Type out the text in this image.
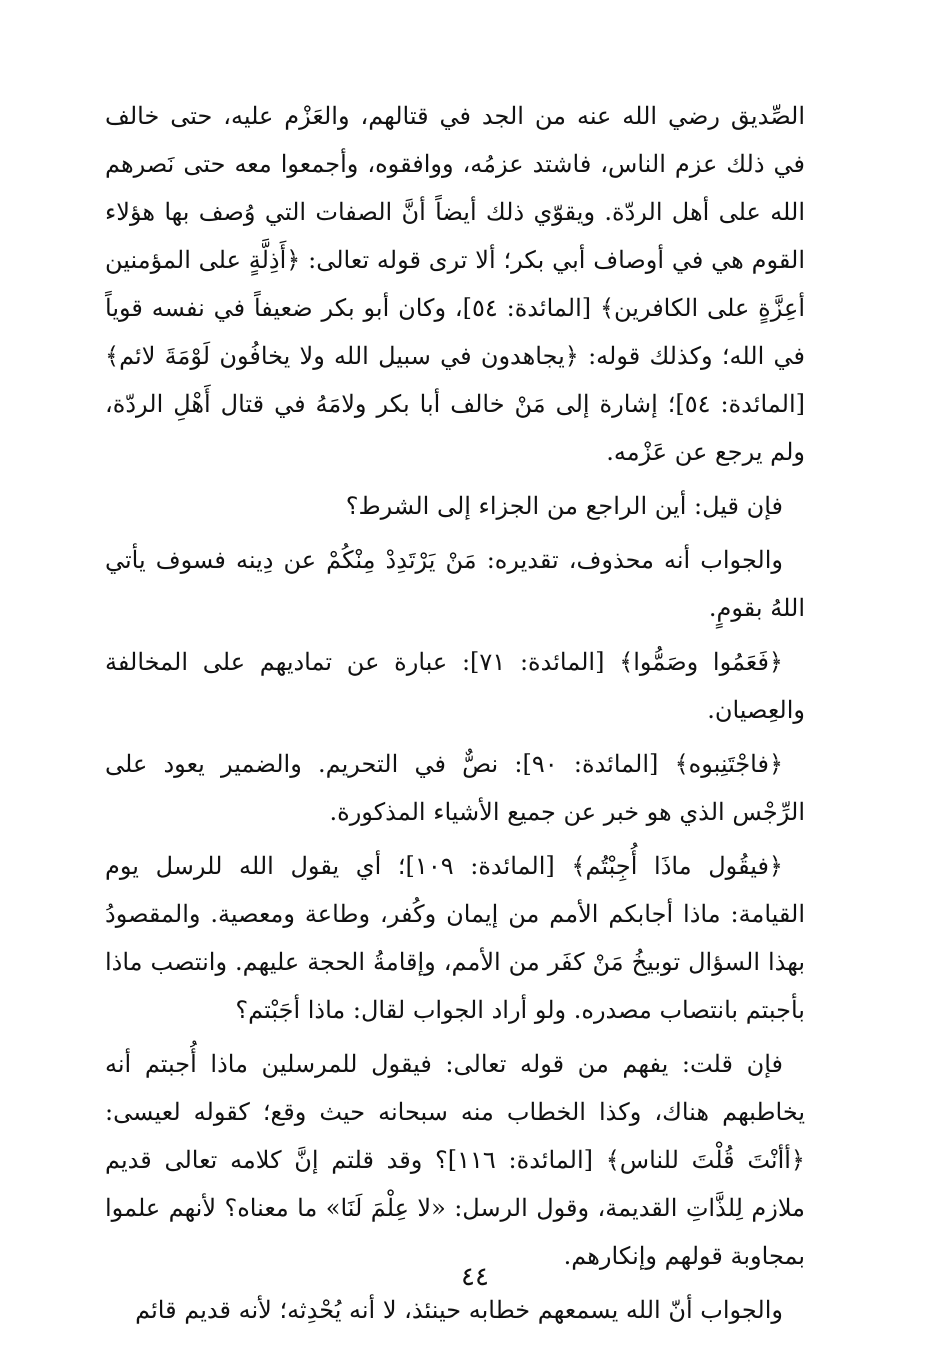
الصِّديق رضي الله عنه من الجد في قتالهم، والعَزْم عليه، حتى خالف في ذلك عزم الناس، فاشتد عزمُه، ووافقوه، وأجمعوا معه حتى نَصرهم الله على أهل الردّة. ويقوّي ذلك أيضاً أنَّ الصفات التي وُصف بها هؤلاء القوم هي في أوصاف أبي بكر؛ ألا ترى قوله تعالى: ﴿أَذِلَّةٍ على المؤمنين أعِزَّةٍ على الكافرين﴾ [المائدة: ٥٤]، وكان أبو بكر ضعيفاً في نفسه قوياً في الله؛ وكذلك قوله: ﴿يجاهدون في سبيل الله ولا يخافُون لَوْمَةَ لائم﴾ [المائدة: ٥٤]؛ إشارة إلى مَنْ خالف أبا بكر ولامَهُ في قتال أَهْلِ الردّة، ولم يرجع عن عَزْمه.

فإن قيل: أين الراجع من الجزاء إلى الشرط؟

والجواب أنه محذوف، تقديره: مَنْ يَرْتَدِدْ مِنْكُمْ عن دِينه فسوف يأتي اللهُ بقومٍ.

﴿فَعَمُوا وصَمُّوا﴾ [المائدة: ٧١]: عبارة عن تماديهم على المخالفة والعِصيان.

﴿فاجْتَنِبوه﴾ [المائدة: ٩٠]: نصٌّ في التحريم. والضمير يعود على الرِّجْس الذي هو خبر عن جميع الأشياء المذكورة.

﴿فيقُول ماذَا أُجِبْتُم﴾ [المائدة: ١٠٩]؛ أي يقول الله للرسل يوم القيامة: ماذا أجابكم الأمم من إيمان وكُفر، وطاعة ومعصية. والمقصودُ بهذا السؤال توبيخُ مَنْ كفَر من الأمم، وإقامةُ الحجة عليهم. وانتصب ماذا بأجبتم بانتصاب مصدره. ولو أراد الجواب لقال: ماذا أجَبْتم؟

فإن قلت: يفهم من قوله تعالى: فيقول للمرسلين ماذا أُجبتم أنه يخاطبهم هناك، وكذا الخطاب منه سبحانه حيث وقع؛ كقوله لعيسى: ﴿أأنْتَ قُلْتَ للناس﴾ [المائدة: ١١٦]؟ وقد قلتم إنَّ كلامه تعالى قديم ملازم لِلذَّاتِ القديمة، وقول الرسل: «لا عِلْمَ لَنَا» ما معناه؟ لأنهم علموا بمجاوبة قولهم وإنكارهم.

والجواب أنّ الله يسمعهم خطابه حينئذ، لا أنه يُحْدِثه؛ لأنه قديم قائم

٤٤
